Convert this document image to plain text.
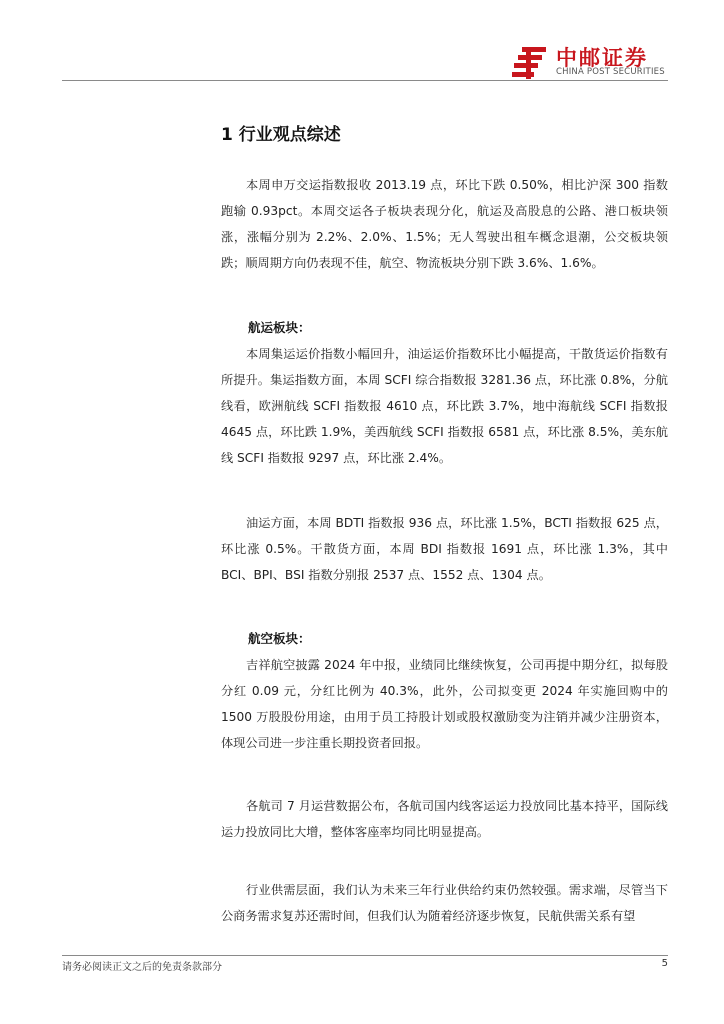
中邮证券
CHINA POST SECURITIES
1 行业观点综述

本周申万交运指数报收 2013.19 点，环比下跌 0.50%，相比沪深 300 指数跑输 0.93pct。本周交运各子板块表现分化，航运及高股息的公路、港口板块领涨，涨幅分别为 2.2%、2.0%、1.5%；无人驾驶出租车概念退潮，公交板块领跌；顺周期方向仍表现不佳，航空、物流板块分别下跌 3.6%、1.6%。

航运板块：

本周集运运价指数小幅回升，油运运价指数环比小幅提高，干散货运价指数有所提升。集运指数方面，本周 SCFI 综合指数报 3281.36 点，环比涨 0.8%，分航线看，欧洲航线 SCFI 指数报 4610 点，环比跌 3.7%，地中海航线 SCFI 指数报 4645 点，环比跌 1.9%，美西航线 SCFI 指数报 6581 点，环比涨 8.5%，美东航线 SCFI 指数报 9297 点，环比涨 2.4%。

油运方面，本周 BDTI 指数报 936 点，环比涨 1.5%，BCTI 指数报 625 点，环比涨 0.5%。干散货方面，本周 BDI 指数报 1691 点，环比涨 1.3%，其中 BCI、BPI、BSI 指数分别报 2537 点、1552 点、1304 点。

航空板块：

吉祥航空披露 2024 年中报，业绩同比继续恢复，公司再提中期分红，拟每股分红 0.09 元，分红比例为 40.3%，此外，公司拟变更 2024 年实施回购中的 1500 万股股份用途，由用于员工持股计划或股权激励变为注销并减少注册资本，体现公司进一步注重长期投资者回报。

各航司 7 月运营数据公布，各航司国内线客运运力投放同比基本持平，国际线运力投放同比大增，整体客座率均同比明显提高。

行业供需层面，我们认为未来三年行业供给约束仍然较强。需求端，尽管当下公商务需求复苏还需时间，但我们认为随着经济逐步恢复，民航供需关系有望

请务必阅读正文之后的免责条款部分	5
